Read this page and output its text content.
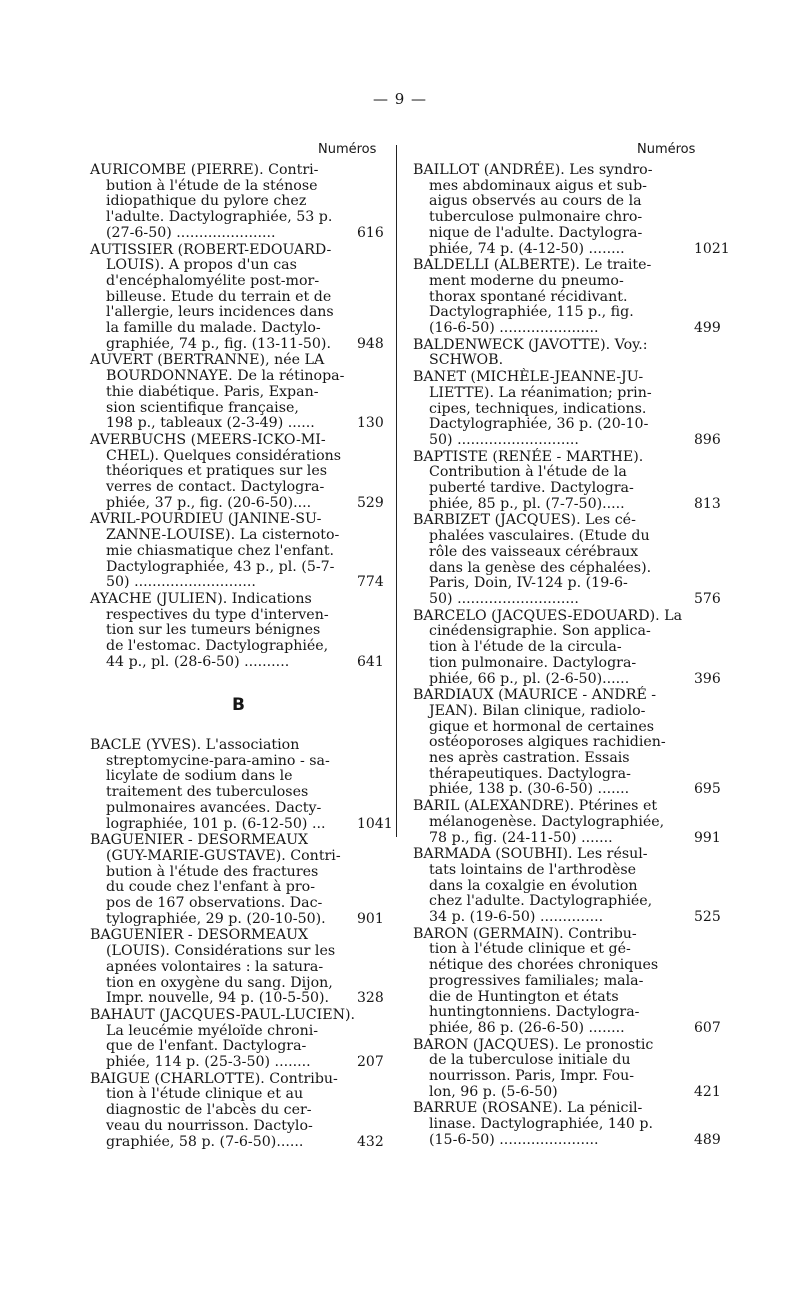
— 9 —
Numéros	Numéros
AURICOMBE (PIERRE). Contri-
bution à l'étude de la sténose
idiopathique du pylore chez
l'adulte. Dactylographiée, 53 p.
(27-6-50) ......................	616
AUTISSIER (ROBERT-EDOUARD-
LOUIS). A propos d'un cas
d'encéphalomyélite post-mor-
billeuse. Etude du terrain et de
l'allergie, leurs incidences dans
la famille du malade. Dactylo-
graphiée, 74 p., fig. (13-11-50).	948
AUVERT (BERTRANNE), née LA
BOURDONNAYE. De la rétinopa-
thie diabétique. Paris, Expan-
sion scientifique française,
198 p., tableaux (2-3-49) ......	130
AVERBUCHS (MEERS-ICKO-MI-
CHEL). Quelques considérations
théoriques et pratiques sur les
verres de contact. Dactylogra-
phiée, 37 p., fig. (20-6-50)....	529
AVRIL-POURDIEU (JANINE-SU-
ZANNE-LOUISE). La cisternoto-
mie chiasmatique chez l'enfant.
Dactylographiée, 43 p., pl. (5-7-
50) ...........................	774
AYACHE (JULIEN). Indications
respectives du type d'interven-
tion sur les tumeurs bénignes
de l'estomac. Dactylographiée,
44 p., pl. (28-6-50) ..........	641
B
BACLE (YVES). L'association
streptomycine-para-amino - sa-
licylate de sodium dans le
traitement des tuberculoses
pulmonaires avancées. Dacty-
lographiée, 101 p. (6-12-50) ...	1041
BAGUENIER - DESORMEAUX
(GUY-MARIE-GUSTAVE). Contri-
bution à l'étude des fractures
du coude chez l'enfant à pro-
pos de 167 observations. Dac-
tylographiée, 29 p. (20-10-50).	901
BAGUENIER - DESORMEAUX
(LOUIS). Considérations sur les
apnées volontaires : la satura-
tion en oxygène du sang. Dijon,
Impr. nouvelle, 94 p. (10-5-50).	328
BAHAUT (JACQUES-PAUL-LUCIEN).
La leucémie myéloïde chroni-
que de l'enfant. Dactylogra-
phiée, 114 p. (25-3-50) ........	207
BAIGUE (CHARLOTTE). Contribu-
tion à l'étude clinique et au
diagnostic de l'abcès du cer-
veau du nourrisson. Dactylo-
graphiée, 58 p. (7-6-50)......	432
BAILLOT (ANDRÉE). Les syndro-
mes abdominaux aigus et sub-
aigus observés au cours de la
tuberculose pulmonaire chro-
nique de l'adulte. Dactylogra-
phiée, 74 p. (4-12-50) ........	1021
BALDELLI (ALBERTE). Le traite-
ment moderne du pneumo-
thorax spontané récidivant.
Dactylographiée, 115 p., fig.
(16-6-50) ......................	499
BALDENWECK (JAVOTTE). Voy.:
SCHWOB.
BANET (MICHÈLE-JEANNE-JU-
LIETTE). La réanimation; prin-
cipes, techniques, indications.
Dactylographiée, 36 p. (20-10-
50) ...........................	896
BAPTISTE (RENÉE - MARTHE).
Contribution à l'étude de la
puberté tardive. Dactylogra-
phiée, 85 p., pl. (7-7-50).....	813
BARBIZET (JACQUES). Les cé-
phalées vasculaires. (Etude du
rôle des vaisseaux cérébraux
dans la genèse des céphalées).
Paris, Doin, IV-124 p. (19-6-
50) ...........................	576
BARCELO (JACQUES-EDOUARD). La
cinédensigraphie. Son applica-
tion à l'étude de la circula-
tion pulmonaire. Dactylogra-
phiée, 66 p., pl. (2-6-50)......	396
BARDIAUX (MAURICE - ANDRÉ -
JEAN). Bilan clinique, radiolo-
gique et hormonal de certaines
ostéoporoses algiques rachidien-
nes après castration. Essais
thérapeutiques. Dactylogra-
phiée, 138 p. (30-6-50) .......	695
BARIL (ALEXANDRE). Ptérines et
mélanogenèse. Dactylographiée,
78 p., fig. (24-11-50) .......	991
BARMADA (SOUBHI). Les résul-
tats lointains de l'arthrodèse
dans la coxalgie en évolution
chez l'adulte. Dactylographiée,
34 p. (19-6-50) ..............	525
BARON (GERMAIN). Contribu-
tion à l'étude clinique et gé-
nétique des chorées chroniques
progressives familiales; mala-
die de Huntington et états
huntingtonniens. Dactylogra-
phiée, 86 p. (26-6-50) ........	607
BARON (JACQUES). Le pronostic
de la tuberculose initiale du
nourrisson. Paris, Impr. Fou-
lon, 96 p. (5-6-50)	421
BARRUE (ROSANE). La pénicil-
linase. Dactylographiée, 140 p.
(15-6-50) ......................	489
